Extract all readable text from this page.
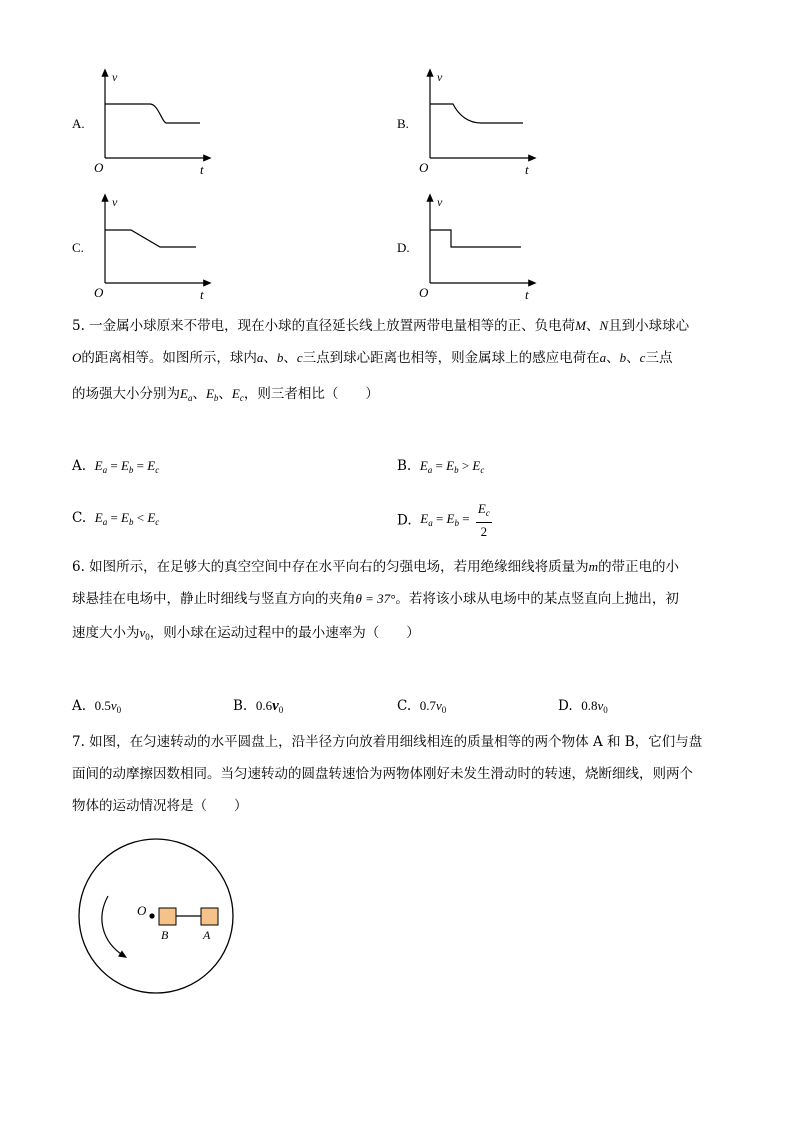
A.
v
t
O
B.
v
t
O
C.
v
t
O
D.
v
t
O
5. 一金属小球原来不带电，现在小球的直径延长线上放置两带电量相等的正、负电荷M、N且到小球球心
O的距离相等。如图所示，球内a、b、c三点到球心距离也相等，则金属球上的感应电荷在a、b、c三点
的场强大小分别为$E_a$、$E_b$、$E_c$，则三者相比（　　）
A. $E_a = E_b = E_c$	B. $E_a = E_b > E_c$
C. $E_a = E_b < E_c$	D. $E_a = E_b = \frac{E_c}{2}$
6. 如图所示，在足够大的真空空间中存在水平向右的匀强电场，若用绝缘细线将质量为m的带正电的小
球悬挂在电场中，静止时细线与竖直方向的夹角θ = 37°。若将该小球从电场中的某点竖直向上抛出，初
速度大小为$v_0$，则小球在运动过程中的最小速率为（　　）
A. $0.5v_0$	B. $0.6v_0$	C. $0.7v_0$	D. $0.8v_0$
7. 如图，在匀速转动的水平圆盘上，沿半径方向放着用细线相连的质量相等的两个物体 A 和 B，它们与盘
面间的动摩擦因数相同。当匀速转动的圆盘转速恰为两物体刚好未发生滑动时的转速，烧断细线，则两个
物体的运动情况将是（　　）
O
B	A
